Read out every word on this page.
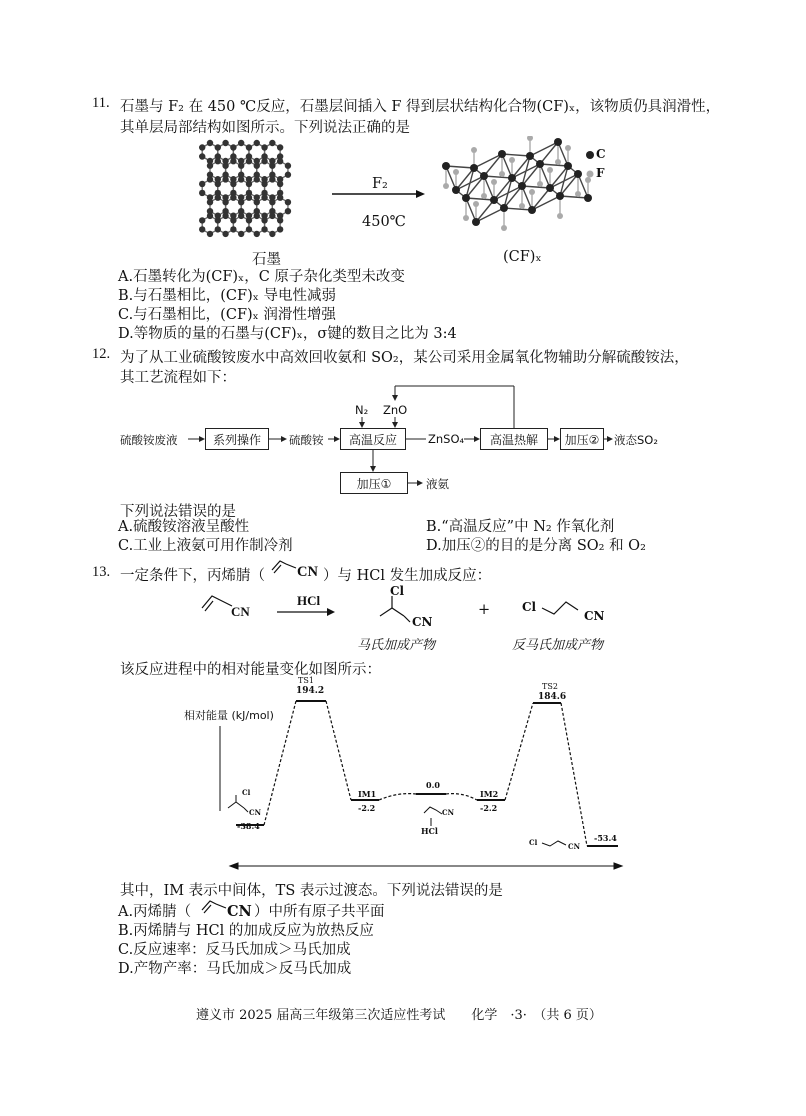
11. 石墨与 F₂ 在 450 ℃反应，石墨层间插入 F 得到层状结构化合物(CF)ₓ，该物质仍具润滑性，
其单层局部结构如图所示。下列说法正确的是
石墨
F₂
450℃
C
F
(CF)ₓ
A.石墨转化为(CF)ₓ，C 原子杂化类型未改变
B.与石墨相比，(CF)ₓ 导电性减弱
C.与石墨相比，(CF)ₓ 润滑性增强
D.等物质的量的石墨与(CF)ₓ，σ键的数目之比为 3:4
12. 为了从工业硫酸铵废水中高效回收氨和 SO₂，某公司采用金属氧化物辅助分解硫酸铵法，
其工艺流程如下：
硫酸铵废液	系列操作	硫酸铵
N₂ ZnO
高温反应	ZnSO₄	高温热解	加压②	液态SO₂
加压①	液氨
下列说法错误的是
A.硫酸铵溶液呈酸性	B.“高温反应”中 N₂ 作氧化剂
C.工业上液氨可用作制冷剂	D.加压②的目的是分离 SO₂ 和 O₂
13. 一定条件下，丙烯腈（ CN ）与 HCl 发生加成反应：
CN
HCl
Cl
CN
马氏加成产物
+	Cl
CN
反马氏加成产物
该反应进程中的相对能量变化如图所示：
相对能量 (kJ/mol)
TS1
194.2	TS2
184.6
IM1
-2.2
IM2
-2.2
0.0
Cl
CN
-38.4
CN
HCl
Cl	CN
-53.4
其中，IM 表示中间体，TS 表示过渡态。下列说法错误的是
A.丙烯腈（ CN ）中所有原子共平面
B.丙烯腈与 HCl 的加成反应为放热反应
C.反应速率：反马氏加成＞马氏加成
D.产物产率：马氏加成＞反马氏加成
遵义市 2025 届高三年级第三次适应性考试　　化学　·3·　（共 6 页）
